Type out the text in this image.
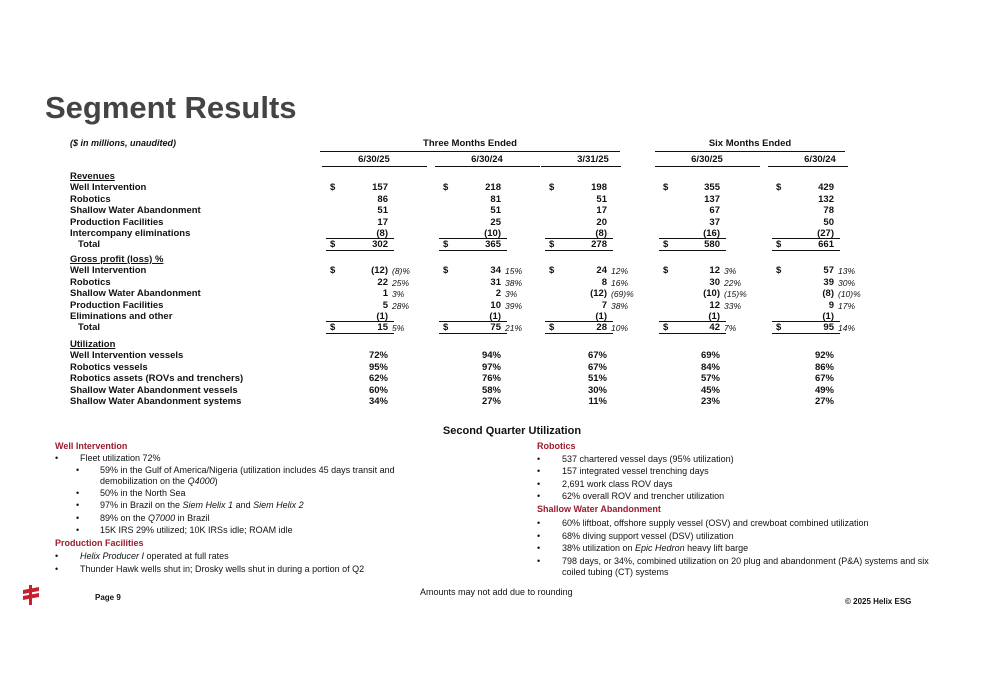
Segment Results
($ in millions, unaudited)	Three Months Ended	Six Months Ended
6/30/25	6/30/24	3/31/25	6/30/25	6/30/24
Revenues
Well Intervention	$	157	$	218	$	198	$	355	$	429
Robotics	86	81	51	137	132
Shallow Water Abandonment	51	51	17	67	78
Production Facilities	17	25	20	37	50
Intercompany eliminations	(8)	(10)	(8)	(16)	(27)
Total	$	302	$	365	$	278	$	580	$	661
Gross profit (loss) %
Well Intervention	$	(12) (8)%	$	34 15%	$	24 12%	$	12 3%	$	57 13%
Robotics	22 25%	31 38%	8 16%	30 22%	39 30%
Shallow Water Abandonment	1 3%	2 3%	(12) (69)%	(10) (15)%	(8) (10)%
Production Facilities	5 28%	10 39%	7 38%	12 33%	9 17%
Eliminations and other	(1)	(1)	(1)	(1)	(1)
Total	$	15 5%	$	75 21%	$	28 10%	$	42 7%	$	95 14%
Utilization
Well Intervention vessels	72%	94%	67%	69%	92%
Robotics vessels	95%	97%	67%	84%	86%
Robotics assets (ROVs and trenchers)	62%	76%	51%	57%	67%
Shallow Water Abandonment vessels	60%	58%	30%	45%	49%
Shallow Water Abandonment systems	34%	27%	11%	23%	27%
Second Quarter Utilization
Well Intervention
• Fleet utilization 72%
• 59% in the Gulf of America/Nigeria (utilization includes 45 days transit and
demobilization on the Q4000)
• 50% in the North Sea
• 97% in Brazil on the Siem Helix 1 and Siem Helix 2
• 89% on the Q7000 in Brazil
• 15K IRS 29% utilized; 10K IRSs idle; ROAM idle
Production Facilities
• Helix Producer I operated at full rates
• Thunder Hawk wells shut in; Drosky wells shut in during a portion of Q2
Robotics
• 537 chartered vessel days (95% utilization)
• 157 integrated vessel trenching days
• 2,691 work class ROV days
• 62% overall ROV and trencher utilization
Shallow Water Abandonment
• 60% liftboat, offshore supply vessel (OSV) and crewboat combined utilization
• 68% diving support vessel (DSV) utilization
• 38% utilization on Epic Hedron heavy lift barge
• 798 days, or 34%, combined utilization on 20 plug and abandonment (P&A) systems and six
coiled tubing (CT) systems
Page 9
Amounts may not add due to rounding
© 2025 Helix ESG
